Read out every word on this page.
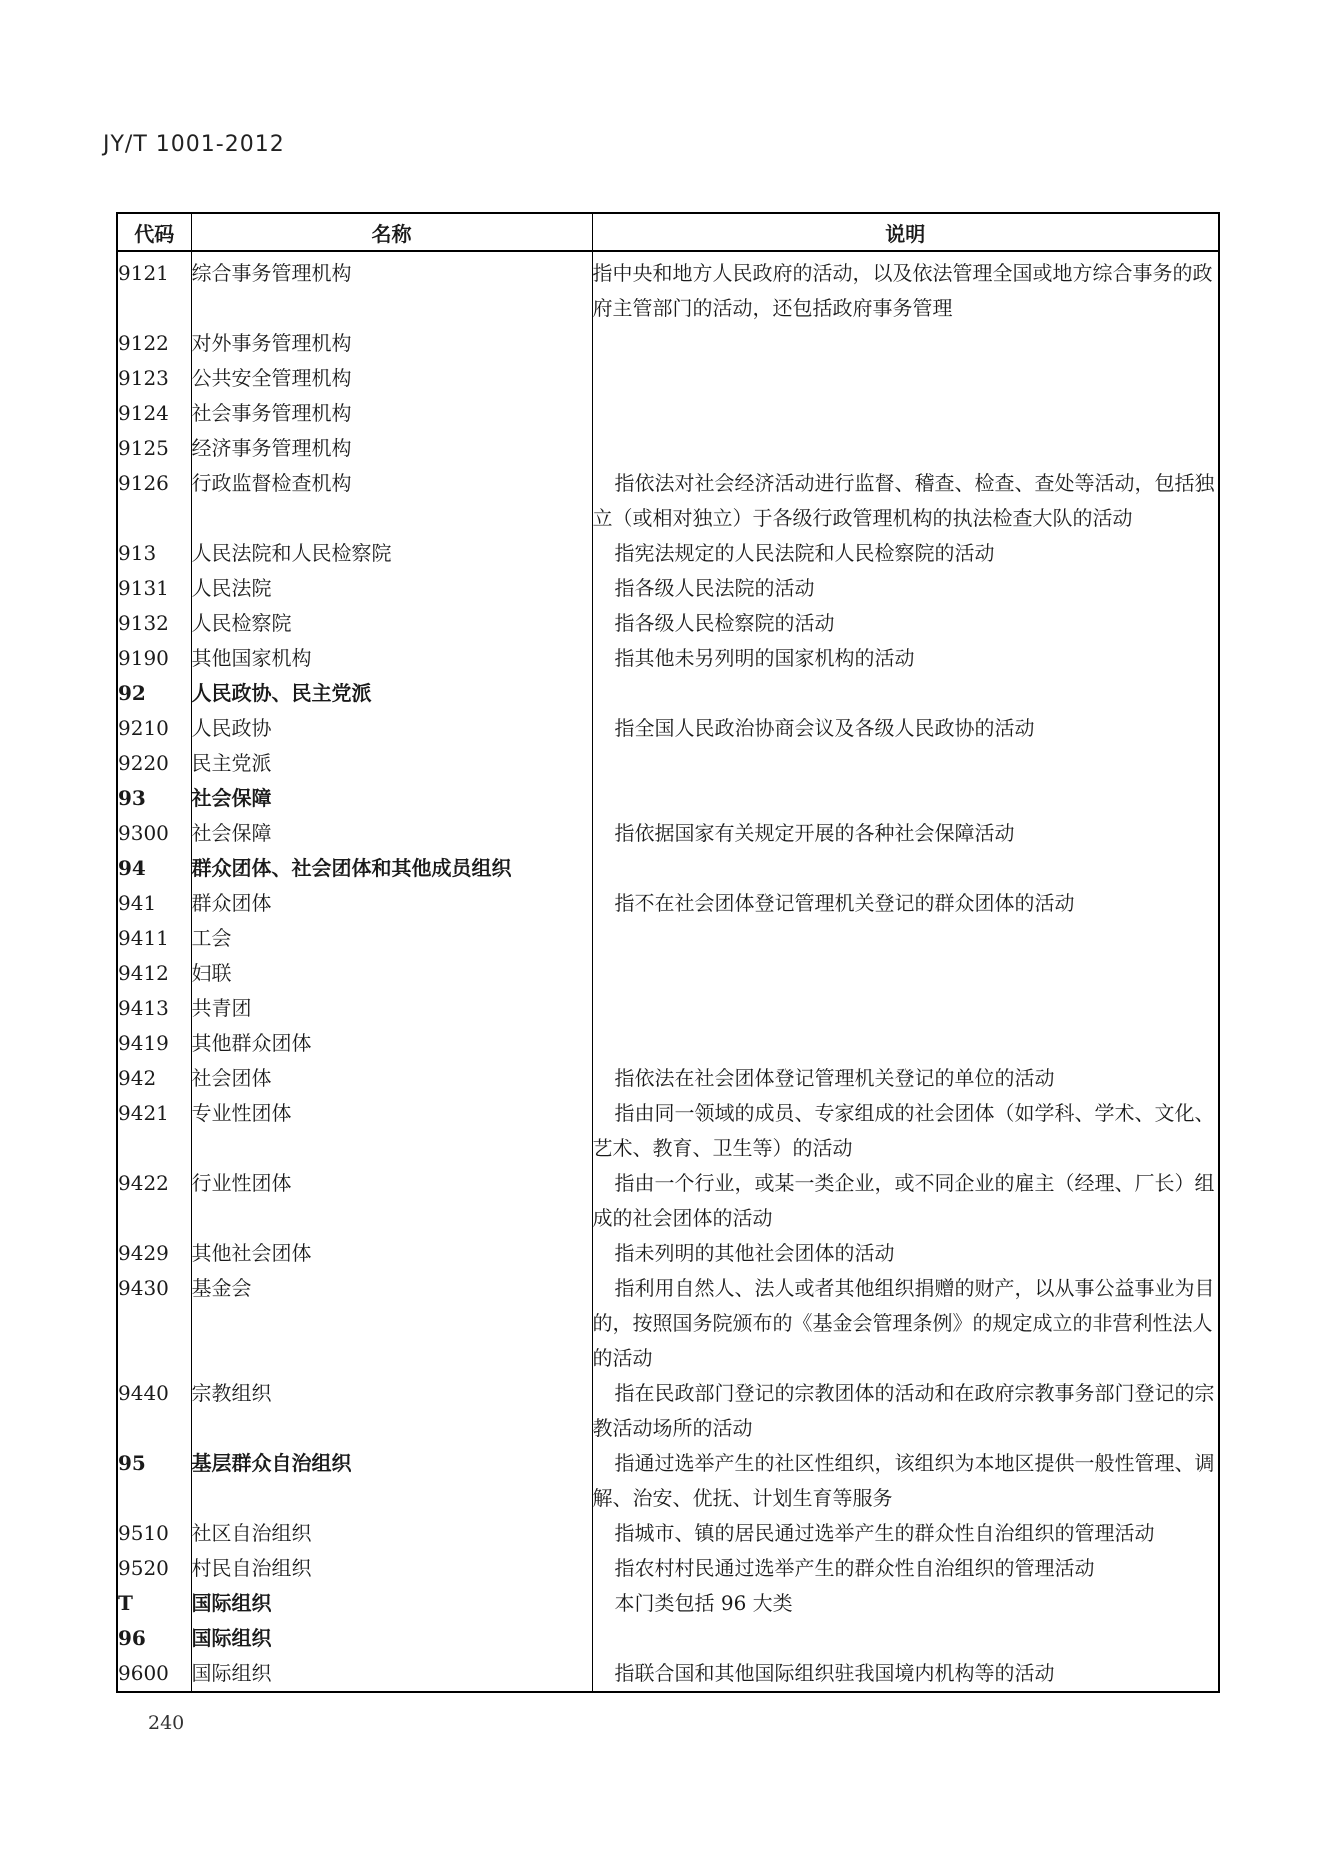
JY/T 1001-2012
代码	名称	说明
9121	综合事务管理机构	指中央和地方人民政府的活动，以及依法管理全国或地方综合事务的政府主管部门的活动，还包括政府事务管理

9122	对外事务管理机构	
9123	公共安全管理机构	
9124	社会事务管理机构	
9125	经济事务管理机构	
9126	行政监督检查机构	指依法对社会经济活动进行监督、稽查、检查、查处等活动，包括独立（或相对独立）于各级行政管理机构的执法检查大队的活动

913	人民法院和人民检察院	指宪法规定的人民法院和人民检察院的活动

9131	人民法院	指各级人民法院的活动

9132	人民检察院	指各级人民检察院的活动

9190	其他国家机构	指其他未另列明的国家机构的活动

92	人民政协、民主党派	
9210	人民政协	指全国人民政治协商会议及各级人民政协的活动

9220	民主党派	
93	社会保障	
9300	社会保障	指依据国家有关规定开展的各种社会保障活动

94	群众团体、社会团体和其他成员组织	
941	群众团体	指不在社会团体登记管理机关登记的群众团体的活动

9411	工会	
9412	妇联	
9413	共青团	
9419	其他群众团体	
942	社会团体	指依法在社会团体登记管理机关登记的单位的活动

9421	专业性团体	指由同一领域的成员、专家组成的社会团体（如学科、学术、文化、艺术、教育、卫生等）的活动

9422	行业性团体	指由一个行业，或某一类企业，或不同企业的雇主（经理、厂长）组成的社会团体的活动

9429	其他社会团体	指未列明的其他社会团体的活动

9430	基金会	指利用自然人、法人或者其他组织捐赠的财产，以从事公益事业为目的，按照国务院颁布的《基金会管理条例》的规定成立的非营利性法人的活动

9440	宗教组织	指在民政部门登记的宗教团体的活动和在政府宗教事务部门登记的宗教活动场所的活动

95	基层群众自治组织	指通过选举产生的社区性组织，该组织为本地区提供一般性管理、调解、治安、优抚、计划生育等服务

9510	社区自治组织	指城市、镇的居民通过选举产生的群众性自治组织的管理活动

9520	村民自治组织	指农村村民通过选举产生的群众性自治组织的管理活动

T	国际组织	本门类包括 96 大类

96	国际组织	
9600	国际组织	指联合国和其他国际组织驻我国境内机构等的活动

240
